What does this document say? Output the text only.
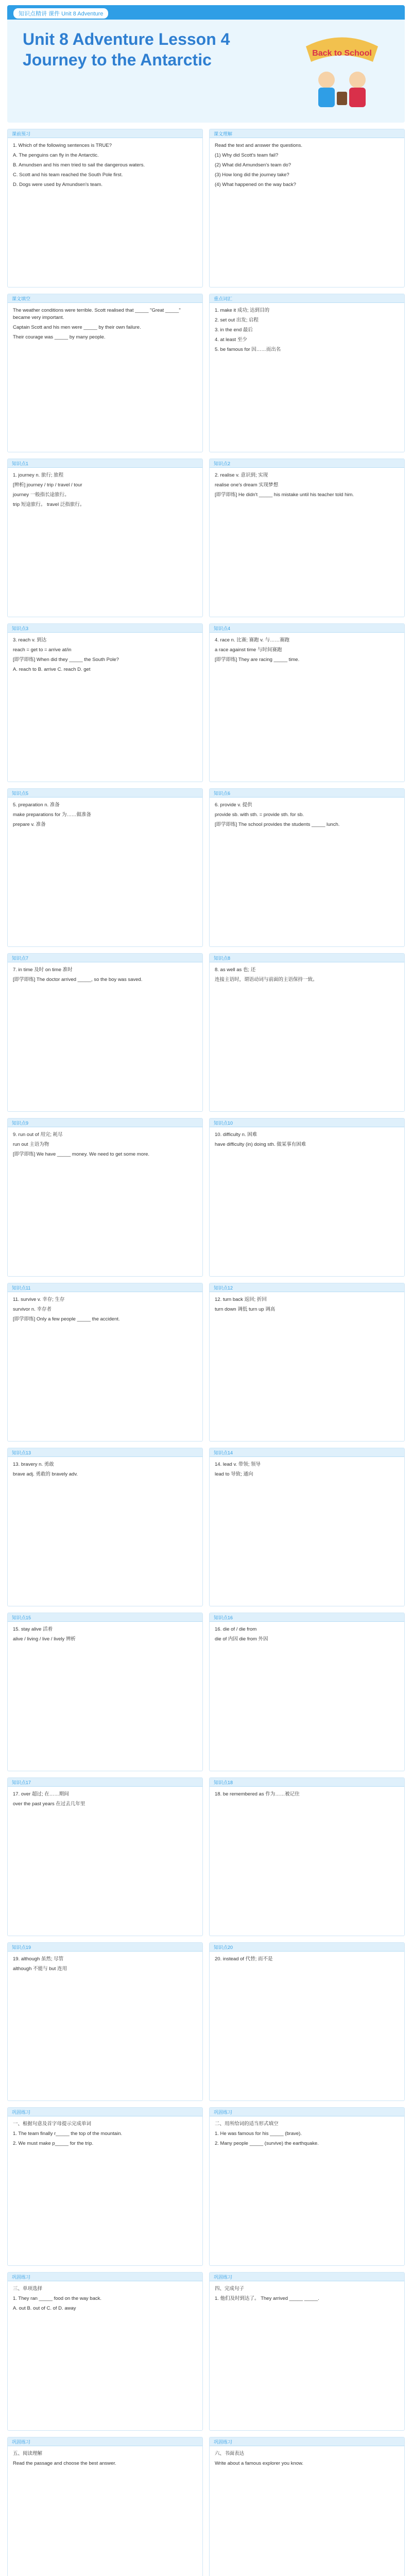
知识点精讲 课件 Unit 8 Adventure
Unit 8 Adventure Lesson 4 Journey to the Antarctic	Back to School
课前预习

1. Which of the following sentences is TRUE?

A. The penguins can fly in the Antarctic.

B. Amundsen and his men tried to sail the dangerous waters.

C. Scott and his team reached the South Pole first.

D. Dogs were used by Amundsen's team.

课文理解

Read the text and answer the questions.

(1) Why did Scott's team fail?

(2) What did Amundsen's team do?

(3) How long did the journey take?

(4) What happened on the way back?

课文填空

The weather conditions were terrible. Scott realised that _____ "Great _____" became very important.

Captain Scott and his men were _____ by their own failure.

Their courage was _____ by many people.

重点词汇

1. make it 成功; 达到目的

2. set out 出发; 启程

3. in the end 最后

4. at least 至少

5. be famous for 因……而出名

知识点1

1. journey n. 旅行; 旅程

[辨析] journey / trip / travel / tour

journey 一般指长途旅行。

trip 短途旅行。 travel 泛指旅行。

知识点2

2. realise v. 意识到; 实现

realise one's dream 实现梦想

[即学即练] He didn't _____ his mistake until his teacher told him.

知识点3

3. reach v. 到达

reach = get to = arrive at/in

[即学即练] When did they _____ the South Pole?

A. reach to B. arrive C. reach D. get

知识点4

4. race n. 比赛; 赛跑 v. 与……赛跑

a race against time 与时间赛跑

[即学即练] They are racing _____ time.

知识点5

5. preparation n. 准备

make preparations for 为……做准备

prepare v. 准备

知识点6

6. provide v. 提供

provide sb. with sth. = provide sth. for sb.

[即学即练] The school provides the students _____ lunch.

知识点7

7. in time 及时 on time 准时

[即学即练] The doctor arrived _____, so the boy was saved.

知识点8

8. as well as 也; 还

连接主语时，谓语动词与前面的主语保持一致。

知识点9

9. run out of 用完; 耗尽

run out 主语为物

[即学即练] We have _____ money. We need to get some more.

知识点10

10. difficulty n. 困难

have difficulty (in) doing sth. 做某事有困难

知识点11

11. survive v. 幸存; 生存

survivor n. 幸存者

[即学即练] Only a few people _____ the accident.

知识点12

12. turn back 返回; 折回

turn down 调低 turn up 调高

知识点13

13. bravery n. 勇敢

brave adj. 勇敢的 bravely adv.

知识点14

14. lead v. 带领; 领导

lead to 导致; 通向

知识点15

15. stay alive 活着

alive / living / live / lively 辨析

知识点16

16. die of / die from

die of 内因 die from 外因

知识点17

17. over 超过; 在……期间

over the past years 在过去几年里

知识点18

18. be remembered as 作为……被记住

知识点19

19. although 虽然; 尽管

although 不能与 but 连用

知识点20

20. instead of 代替; 而不是

巩固练习

一、根据句意及首字母提示完成单词

1. The team finally r_____ the top of the mountain.

2. We must make p_____ for the trip.

巩固练习

二、用所给词的适当形式填空

1. He was famous for his _____ (brave).

2. Many people _____ (survive) the earthquake.

巩固练习

三、单项选择

1. They ran _____ food on the way back.

A. out B. out of C. of D. away

巩固练习

四、完成句子

1. 他们及时到达了。 They arrived _____ _____.

巩固练习

五、阅读理解

Read the passage and choose the best answer.

巩固练习

六、书面表达

Write about a famous explorer you know.
